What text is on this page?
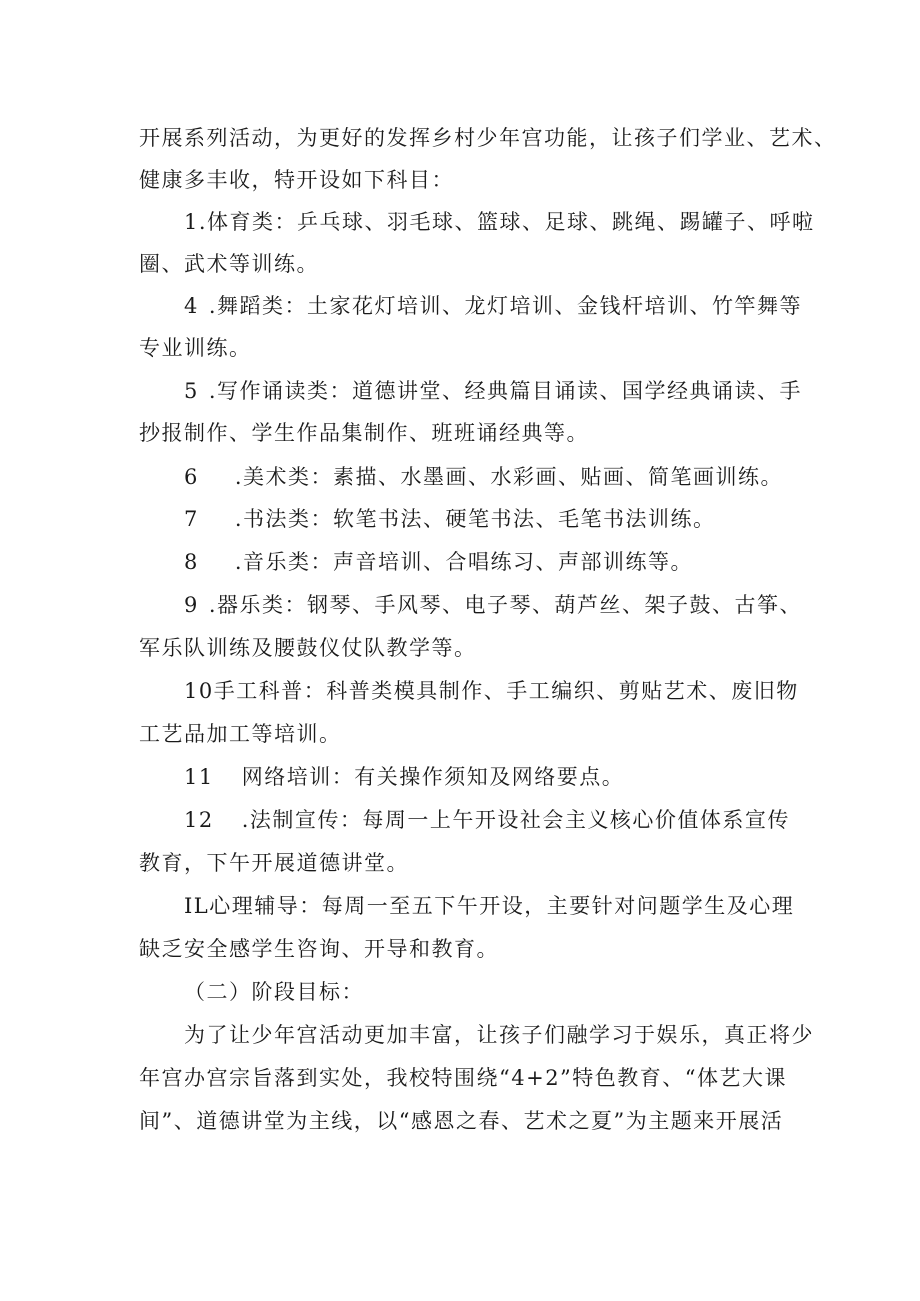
开展系列活动，为更好的发挥乡村少年宫功能，让孩子们学业、艺术、
健康多丰收，特开设如下科目：
1.体育类：乒乓球、羽毛球、篮球、足球、跳绳、踢罐子、呼啦
圈、武术等训练。
4 .舞蹈类：土家花灯培训、龙灯培训、金钱杆培训、竹竿舞等
专业训练。
5 .写作诵读类：道德讲堂、经典篇目诵读、国学经典诵读、手
抄报制作、学生作品集制作、班班诵经典等。
6 .美术类：素描、水墨画、水彩画、贴画、简笔画训练。
7 .书法类：软笔书法、硬笔书法、毛笔书法训练。
8 .音乐类：声音培训、合唱练习、声部训练等。
9 .器乐类：钢琴、手风琴、电子琴、葫芦丝、架子鼓、古筝、
军乐队训练及腰鼓仪仗队教学等。
10手工科普：科普类模具制作、手工编织、剪贴艺术、废旧物
工艺品加工等培训。
11 网络培训：有关操作须知及网络要点。
12 .法制宣传：每周一上午开设社会主义核心价值体系宣传
教育，下午开展道德讲堂。
IL心理辅导：每周一至五下午开设，主要针对问题学生及心理
缺乏安全感学生咨询、开导和教育。
（二）阶段目标：
为了让少年宫活动更加丰富，让孩子们融学习于娱乐，真正将少
年宫办宫宗旨落到实处，我校特围绕“4+2”特色教育、“体艺大课
间”、道德讲堂为主线，以“感恩之春、艺术之夏”为主题来开展活
